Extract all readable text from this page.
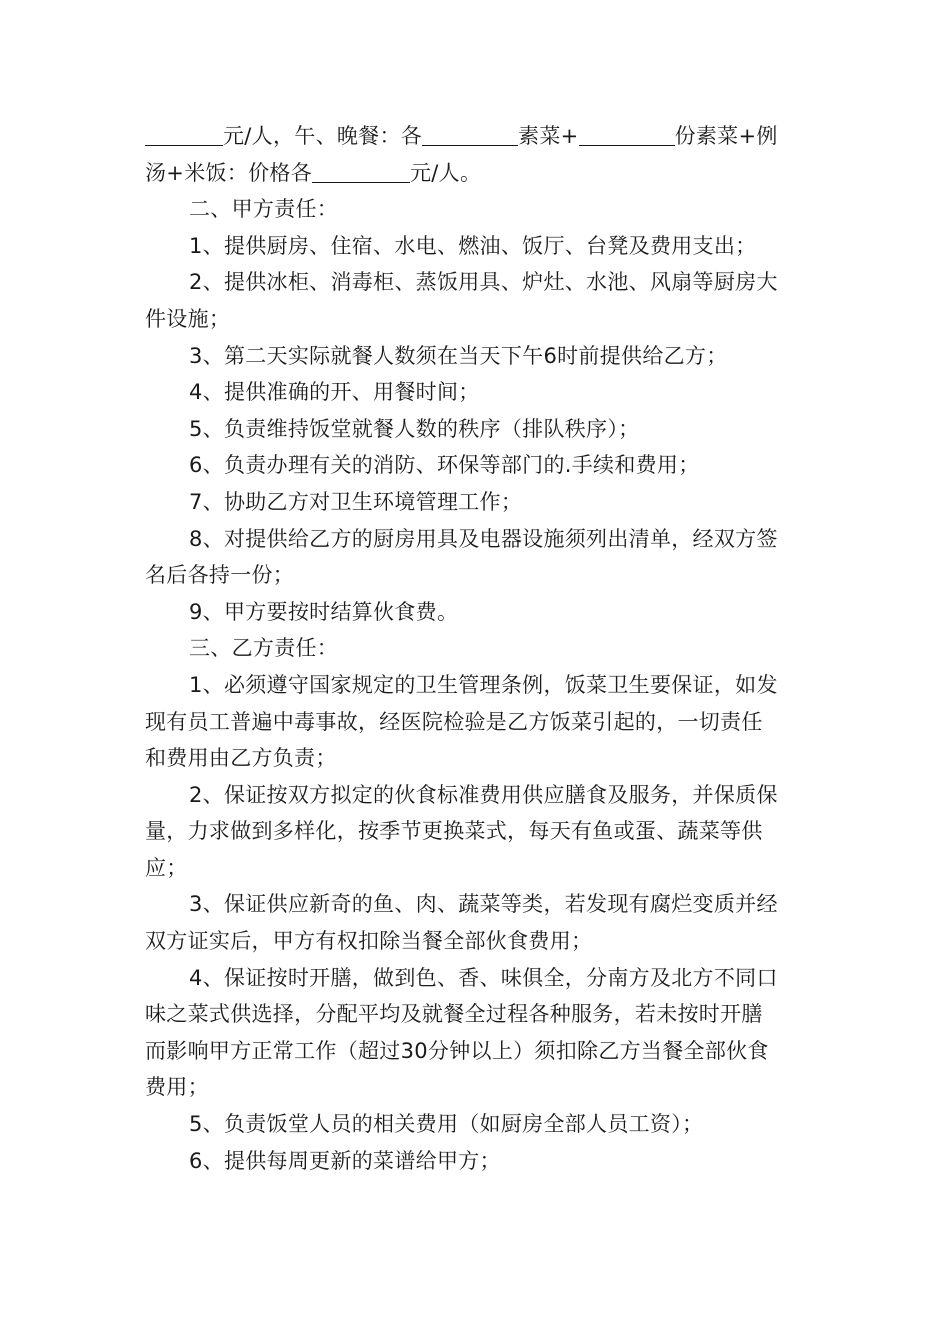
元/人，午、晚餐：各	素菜+	份素菜+例

汤+米饭：价格各	元/人。

二、甲方责任：

1、提供厨房、住宿、水电、燃油、饭厅、台凳及费用支出；

2、提供冰柜、消毒柜、蒸饭用具、炉灶、水池、风扇等厨房大

件设施；

3、第二天实际就餐人数须在当天下午6时前提供给乙方；

4、提供准确的开、用餐时间；

5、负责维持饭堂就餐人数的秩序（排队秩序）；

6、负责办理有关的消防、环保等部门的.手续和费用；

7、协助乙方对卫生环境管理工作；

8、对提供给乙方的厨房用具及电器设施须列出清单，经双方签

名后各持一份；

9、甲方要按时结算伙食费。

三、乙方责任：

1、必须遵守国家规定的卫生管理条例，饭菜卫生要保证，如发

现有员工普遍中毒事故，经医院检验是乙方饭菜引起的，一切责任

和费用由乙方负责；

2、保证按双方拟定的伙食标准费用供应膳食及服务，并保质保

量，力求做到多样化，按季节更换菜式，每天有鱼或蛋、蔬菜等供

应；

3、保证供应新奇的鱼、肉、蔬菜等类，若发现有腐烂变质并经

双方证实后，甲方有权扣除当餐全部伙食费用；

4、保证按时开膳，做到色、香、味俱全，分南方及北方不同口

味之菜式供选择，分配平均及就餐全过程各种服务，若未按时开膳

而影响甲方正常工作（超过30分钟以上）须扣除乙方当餐全部伙食

费用；

5、负责饭堂人员的相关费用（如厨房全部人员工资）；

6、提供每周更新的菜谱给甲方；
